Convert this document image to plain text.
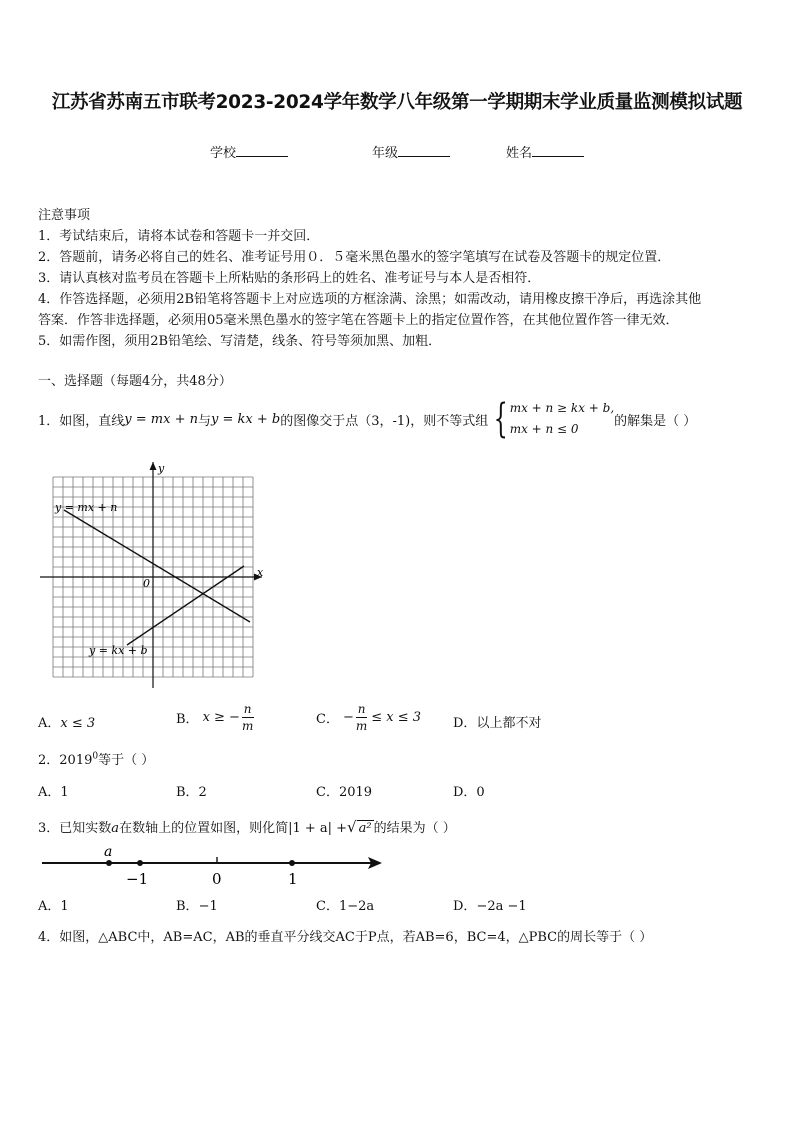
江苏省苏南五市联考2023-2024学年数学八年级第一学期期末学业质量监测模拟试题
学校	年级	姓名
注意事项
1．考试结束后，请将本试卷和答题卡一并交回．
2．答题前，请务必将自己的姓名、准考证号用０．５毫米黑色墨水的签字笔填写在试卷及答题卡的规定位置．
3．请认真核对监考员在答题卡上所粘贴的条形码上的姓名、准考证号与本人是否相符．
4．作答选择题，必须用2B铅笔将答题卡上对应选项的方框涂满、涂黑；如需改动，请用橡皮擦干净后，再选涂其他
答案．作答非选择题，必须用05毫米黑色墨水的签字笔在答题卡上的指定位置作答，在其他位置作答一律无效．
5．如需作图，须用2B铅笔绘、写清楚，线条、符号等须加黑、加粗．
一、选择题（每题4分，共48分）
1． 如图，直线 y = mx + n 与 y = kx + b 的图像交于点（3，-1)，则不等式组 { mx + n ≥ kx + b,
mx + n ≤ 0
的解集是（ ）
y
x
0
y = mx + n
y = kx + b
A．x ≤ 3	B． x ≥ − $\frac{n}{m}$	C． − $\frac{n}{m} \le x \le 3$ D．以上都不对
2．2019$^0$等于（ ）
A．1	B．2	C．2019	D．0
3． 已知实数 a 在数轴上的位置如图，则化简 |1 + a| + √ a² 的结果为（ ）
a
−1	0	1
A．1	B．−1	C．1−2a	D．−2a −1
4．如图，△ABC中，AB=AC，AB的垂直平分线交AC于P点，若AB=6，BC=4，△PBC的周长等于（ ）
